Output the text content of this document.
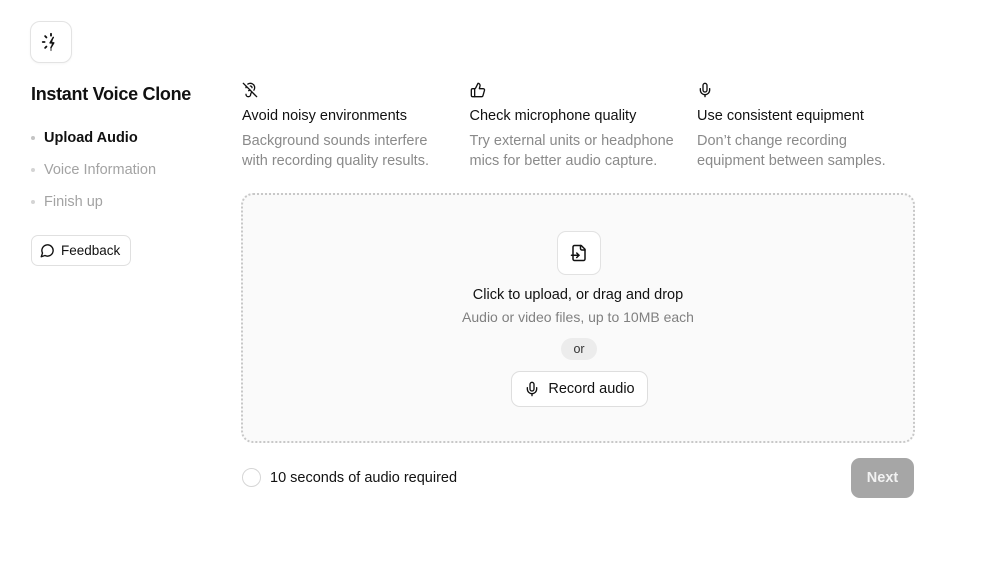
Instant Voice Clone
Upload Audio
Voice Information
Finish up
Feedback
Avoid noisy environments
Background sounds interfere with recording quality results.
Check microphone quality
Try external units or headphone mics for better audio capture.
Use consistent equipment
Don’t change recording equipment between samples.
Click to upload, or drag and drop
Audio or video files, up to 10MB each
or
Record audio
10 seconds of audio required	Next
